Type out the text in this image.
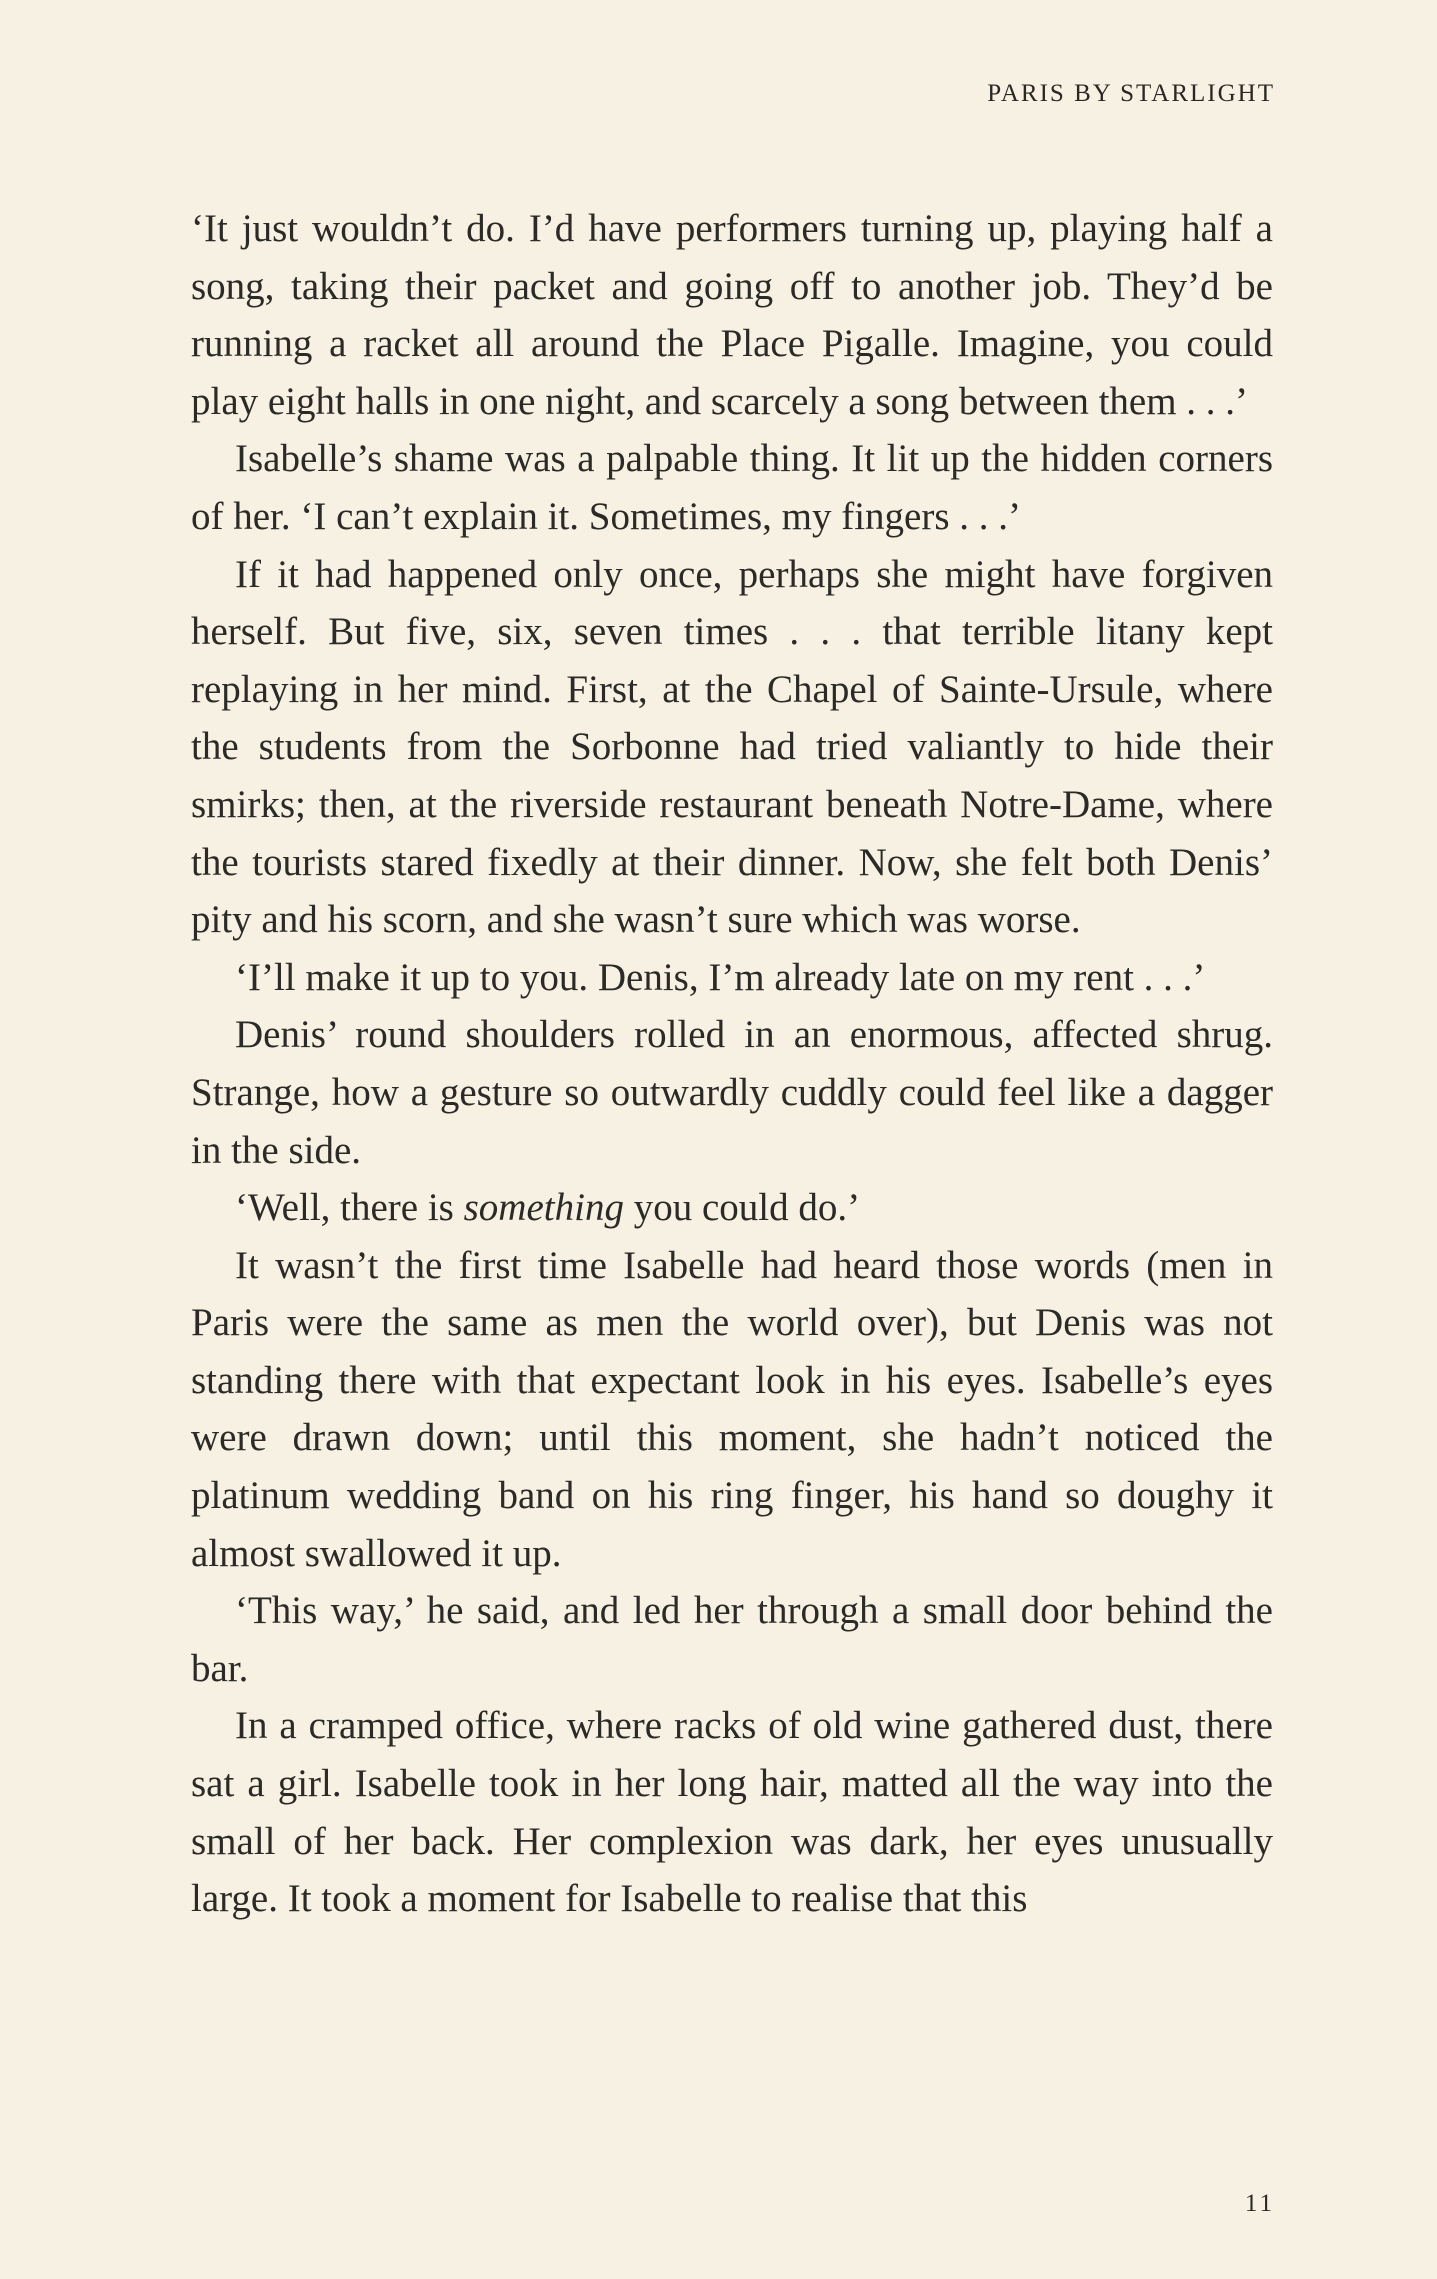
PARIS BY STARLIGHT

‘It just wouldn’t do. I’d have performers turning up, playing half a song, taking their packet and going off to another job. They’d be running a racket all around the Place Pigalle. Imagine, you could play eight halls in one night, and scarcely a song between them . . .’

Isabelle’s shame was a palpable thing. It lit up the hidden corners of her. ‘I can’t explain it. Sometimes, my fingers . . .’

If it had happened only once, perhaps she might have forgiven herself. But five, six, seven times . . . that terrible litany kept replaying in her mind. First, at the Chapel of Sainte-Ursule, where the students from the Sorbonne had tried valiantly to hide their smirks; then, at the riverside restaurant beneath Notre-Dame, where the tourists stared fixedly at their dinner. Now, she felt both Denis’ pity and his scorn, and she wasn’t sure which was worse.

‘I’ll make it up to you. Denis, I’m already late on my rent . . .’

Denis’ round shoulders rolled in an enormous, affected shrug. Strange, how a gesture so outwardly cuddly could feel like a dagger in the side.

‘Well, there is something you could do.’

It wasn’t the first time Isabelle had heard those words (men in Paris were the same as men the world over), but Denis was not standing there with that expectant look in his eyes. Isabelle’s eyes were drawn down; until this moment, she hadn’t noticed the platinum wedding band on his ring finger, his hand so doughy it almost swallowed it up.

‘This way,’ he said, and led her through a small door behind the bar.

In a cramped office, where racks of old wine gathered dust, there sat a girl. Isabelle took in her long hair, matted all the way into the small of her back. Her complexion was dark, her eyes unusually large. It took a moment for Isabelle to realise that this

11
